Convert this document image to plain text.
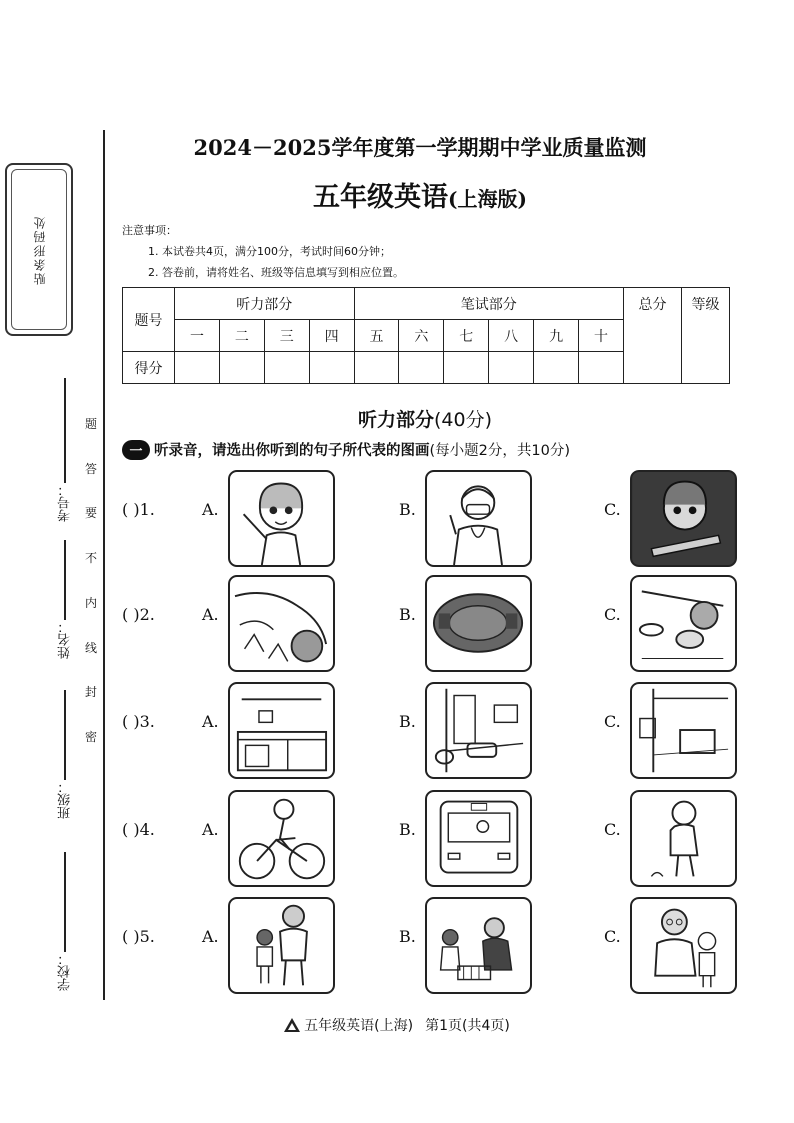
贴条形码处
题
答
要
不
内
线
封
密
考号：
姓名：
班级：
学校：
2024－2025学年度第一学期期中学业质量监测
五年级英语(上海版)
注意事项：
1. 本试卷共4页，满分100分，考试时间60分钟；
2. 答卷前，请将姓名、班级等信息填写到相应位置。
题号	听力部分				笔试部分						总分	等级
	一	二	三	四	五	六	七	八	九	十		
得分												
听力部分(40分)
一 听录音，请选出你听到的句子所代表的图画 (每小题2分，共10分)
( )1.	A.	B.	C.
( )2.	A.	B.	C.
( )3.	A.	B.	C.
( )4.	A.	B.	C.
( )5.	A.	B.	C.
五年级英语(上海) 第1页(共4页)
